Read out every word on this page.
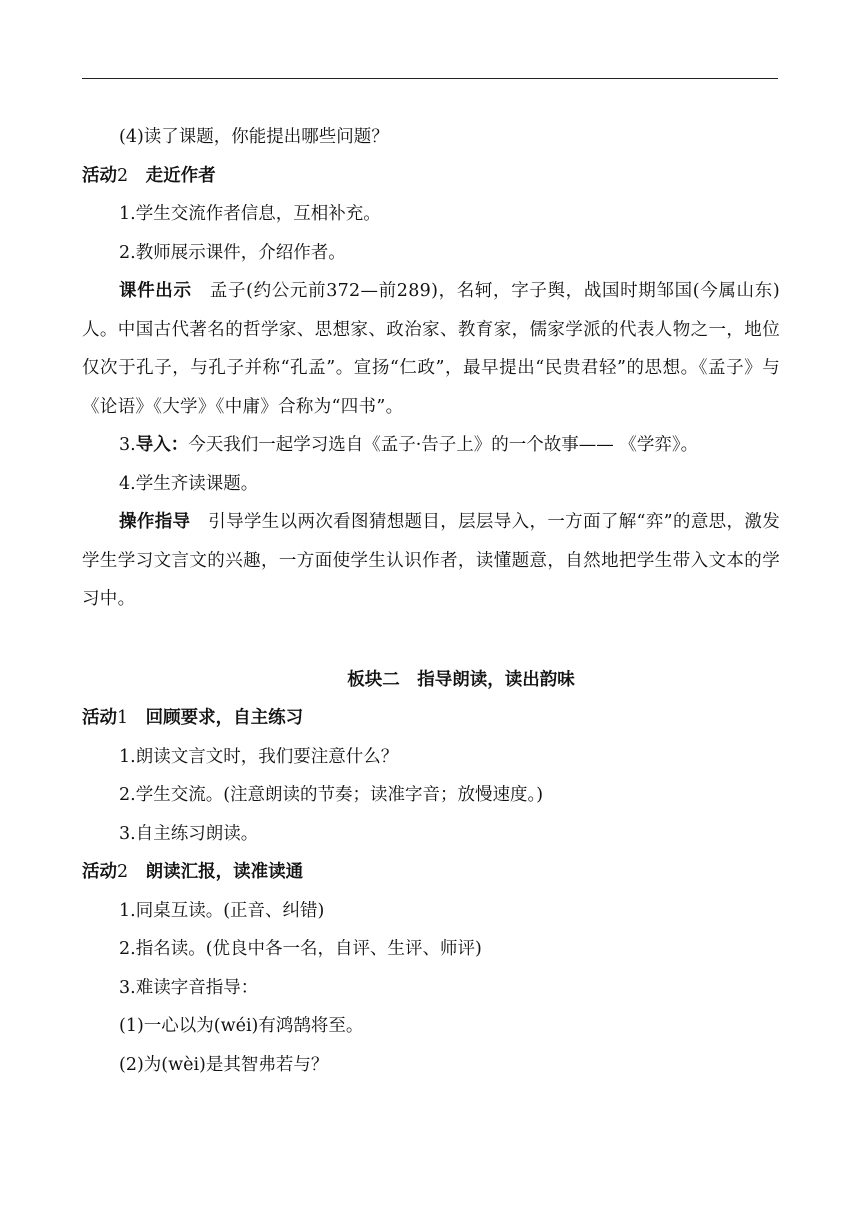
(4)读了课题，你能提出哪些问题？
活动2　 走近作者
1.学生交流作者信息，互相补充。
2.教师展示课件，介绍作者。
课件出示　 孟子(约公元前372—前289)，名轲，字子舆，战国时期邹国(今属山东)人。中国古代著名的哲学家、思想家、政治家、教育家，儒家学派的代表人物之一，地位仅次于孔子，与孔子并称“孔孟”。宣扬“仁政”，最早提出“民贵君轻”的思想。《孟子》与《论语》《大学》《中庸》合称为“四书”。
3.导入：今天我们一起学习选自《孟子·告子上》的一个故事—— 《学弈》。
4.学生齐读课题。
操作指导　 引导学生以两次看图猜想题目，层层导入，一方面了解“弈”的意思，激发学生学习文言文的兴趣，一方面使学生认识作者，读懂题意，自然地把学生带入文本的学习中。
板块二　指导朗读，读出韵味
活动1　 回顾要求，自主练习
1.朗读文言文时，我们要注意什么？
2.学生交流。(注意朗读的节奏；读准字音；放慢速度。)
3.自主练习朗读。
活动2　 朗读汇报，读准读通
1.同桌互读。(正音、纠错)
2.指名读。(优良中各一名，自评、生评、师评)
3.难读字音指导：
(1)一心以为(wéi)有鸿鹄将至。
(2)为(wèi)是其智弗若与？
